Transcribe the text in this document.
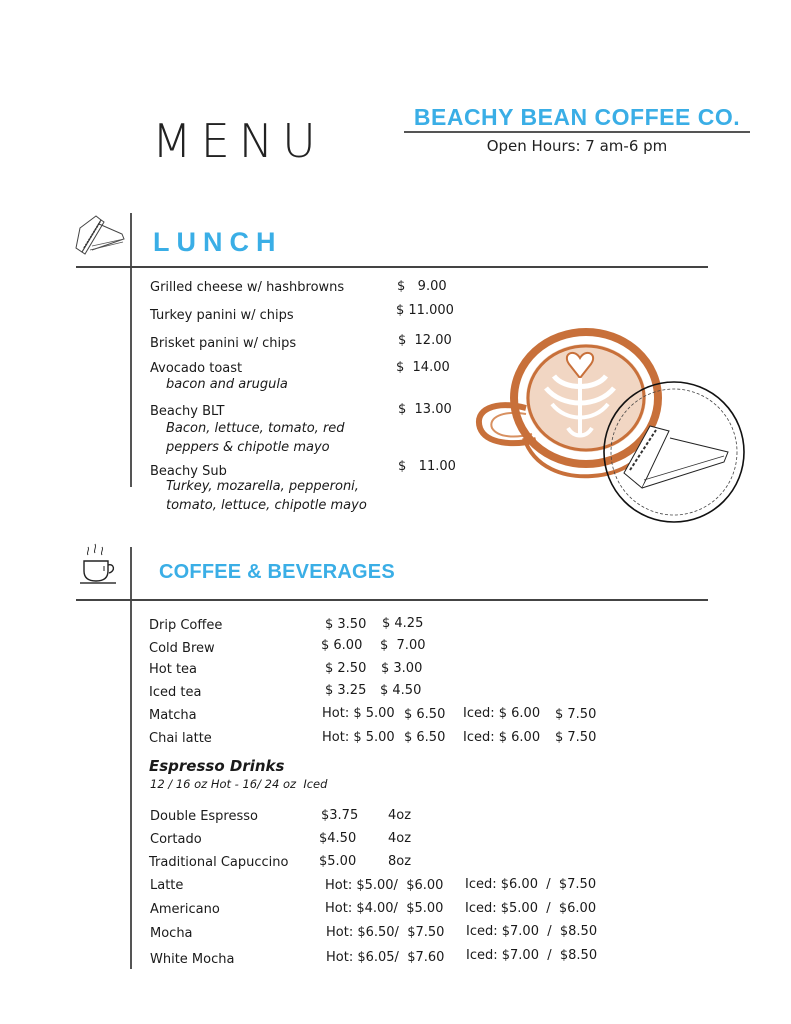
MENU	BEACHY BEAN COFFEE CO.
Open Hours: 7 am-6 pm
LUNCH
Grilled cheese w/ hashbrowns	$   9.00
Turkey panini w/ chips	$ 11.000
Brisket panini w/ chips	$  12.00
Avocado toast	$  14.00
bacon and arugula
Beachy BLT	$  13.00
Bacon, lettuce, tomato, red
peppers & chipotle mayo
Beachy Sub	$   11.00
Turkey, mozarella, pepperoni,
tomato, lettuce, chipotle mayo
COFFEE & BEVERAGES
Drip Coffee	$ 3.50 $ 4.25
Cold Brew	$ 6.00 $  7.00
Hot tea	$ 2.50 $ 3.00
Iced tea	$ 3.25 $ 4.50
Matcha	Hot: $ 5.00 $ 6.50 Iced: $ 6.00 $ 7.50
Chai latte	Hot: $ 5.00 $ 6.50 Iced: $ 6.00 $ 7.50
Espresso Drinks
12 / 16 oz Hot - 16/ 24 oz  Iced
Double Espresso	$3.75 4oz
Cortado	$4.50 4oz
Traditional Capuccino $5.00 8oz
Latte	Hot: $5.00/  $6.00 Iced: $6.00  /  $7.50
Americano	Hot: $4.00/  $5.00 Iced: $5.00  /  $6.00
Mocha	Hot: $6.50/  $7.50 Iced: $7.00  /  $8.50
White Mocha	Hot: $6.05/  $7.60 Iced: $7.00  /  $8.50
